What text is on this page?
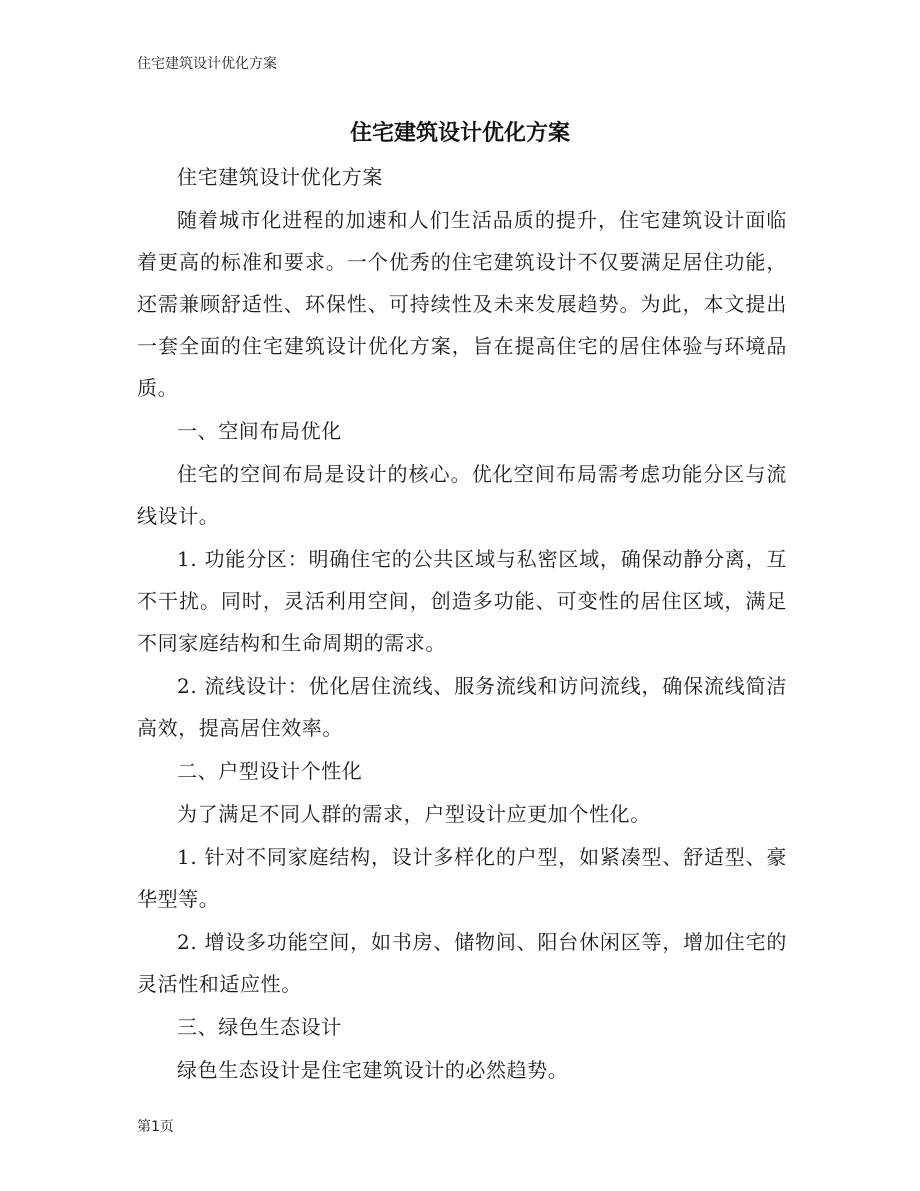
住宅建筑设计优化方案
住宅建筑设计优化方案

住宅建筑设计优化方案

随着城市化进程的加速和人们生活品质的提升，住宅建筑设计面临着更高的标准和要求。一个优秀的住宅建筑设计不仅要满足居住功能，还需兼顾舒适性、环保性、可持续性及未来发展趋势。为此，本文提出一套全面的住宅建筑设计优化方案，旨在提高住宅的居住体验与环境品质。

一、空间布局优化

住宅的空间布局是设计的核心。优化空间布局需考虑功能分区与流线设计。

1. 功能分区：明确住宅的公共区域与私密区域，确保动静分离，互不干扰。同时，灵活利用空间，创造多功能、可变性的居住区域，满足不同家庭结构和生命周期的需求。

2. 流线设计：优化居住流线、服务流线和访问流线，确保流线简洁高效，提高居住效率。

二、户型设计个性化

为了满足不同人群的需求，户型设计应更加个性化。

1. 针对不同家庭结构，设计多样化的户型，如紧凑型、舒适型、豪华型等。

2. 增设多功能空间，如书房、储物间、阳台休闲区等，增加住宅的灵活性和适应性。

三、绿色生态设计

绿色生态设计是住宅建筑设计的必然趋势。

第1页
